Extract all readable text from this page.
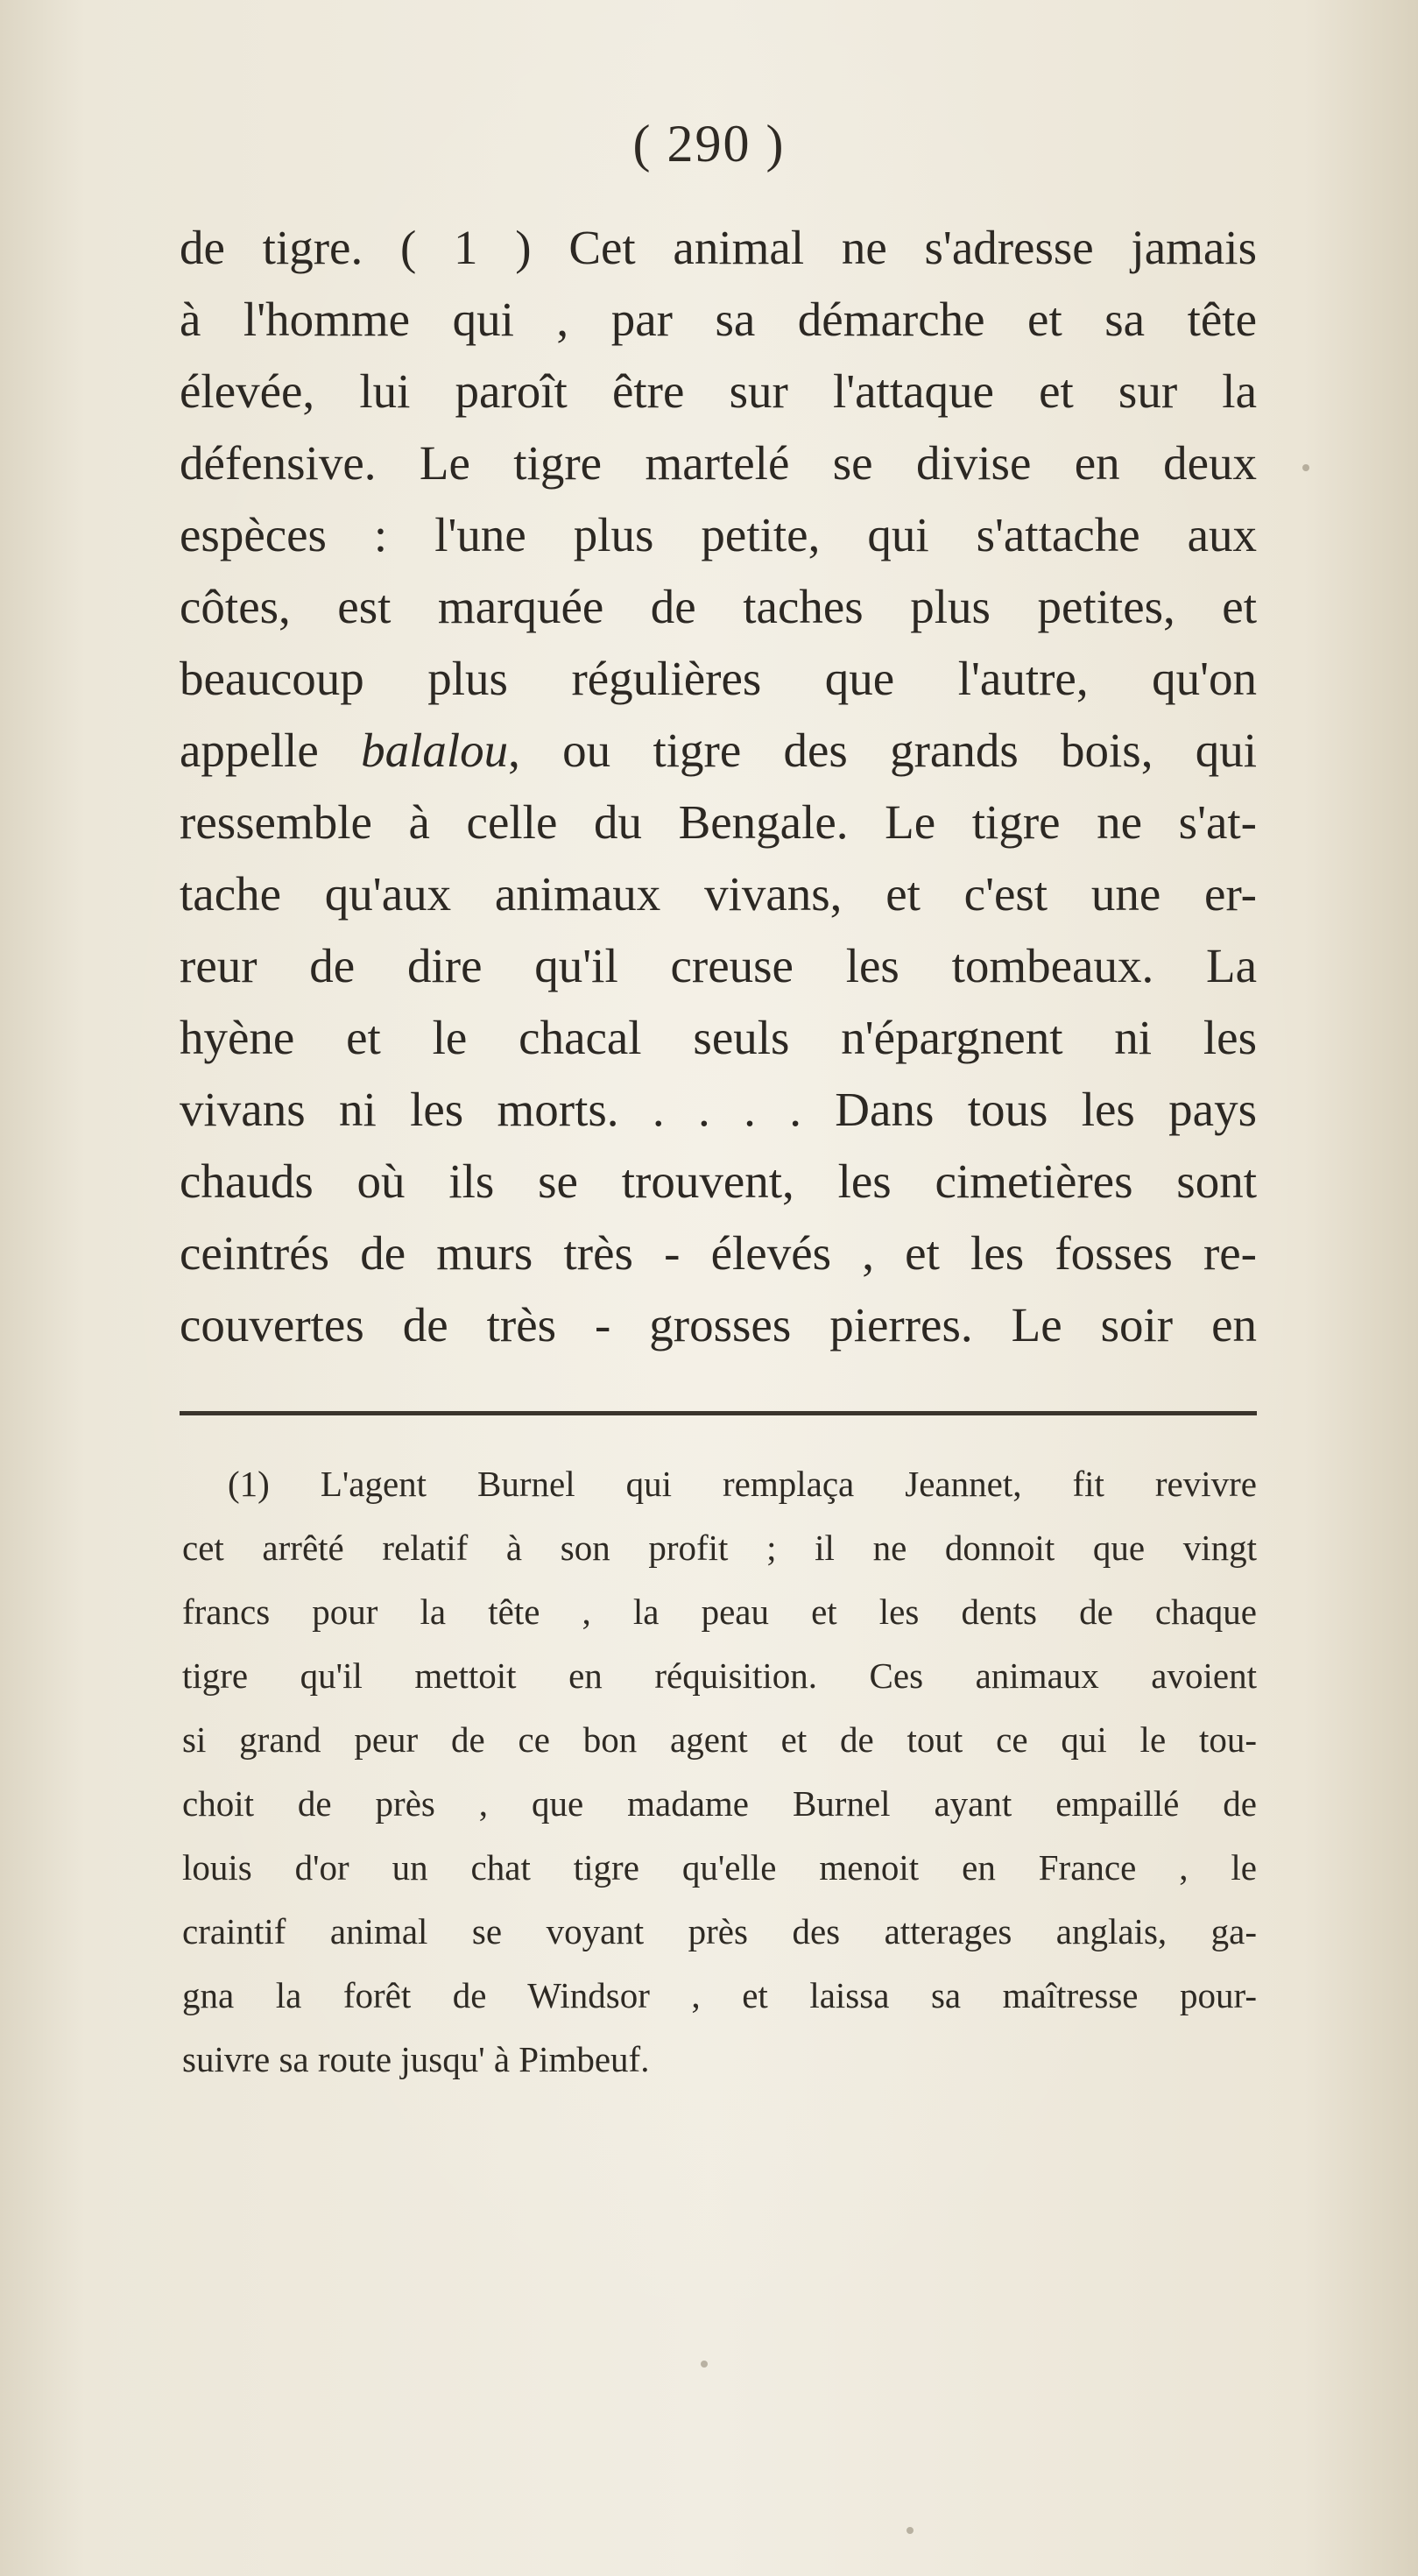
( 290 )
de tigre. ( 1 ) Cet animal ne s'adresse jamais
à l'homme qui , par sa démarche et sa tête
élevée, lui paroît être sur l'attaque et sur la
défensive. Le tigre martelé se divise en deux
espèces : l'une plus petite, qui s'attache aux
côtes, est marquée de taches plus petites, et
beaucoup plus régulières que l'autre, qu'on
appelle balalou, ou tigre des grands bois, qui
ressemble à celle du Bengale. Le tigre ne s'at-
tache qu'aux animaux vivans, et c'est une er-
reur de dire qu'il creuse les tombeaux. La
hyène et le chacal seuls n'épargnent ni les
vivans ni les morts. . . . . Dans tous les pays
chauds où ils se trouvent, les cimetières sont
ceintrés de murs très - élevés , et les fosses re-
couvertes de très - grosses pierres. Le soir en
(1) L'agent Burnel qui remplaça Jeannet, fit revivre
cet arrêté relatif à son profit ; il ne donnoit que vingt
francs pour la tête , la peau et les dents de chaque
tigre qu'il mettoit en réquisition. Ces animaux avoient
si grand peur de ce bon agent et de tout ce qui le tou-
choit de près , que madame Burnel ayant empaillé de
louis d'or un chat tigre qu'elle menoit en France , le
craintif animal se voyant près des atterages anglais, ga-
gna la forêt de Windsor , et laissa sa maîtresse pour-
suivre sa route jusqu' à Pimbeuf.
